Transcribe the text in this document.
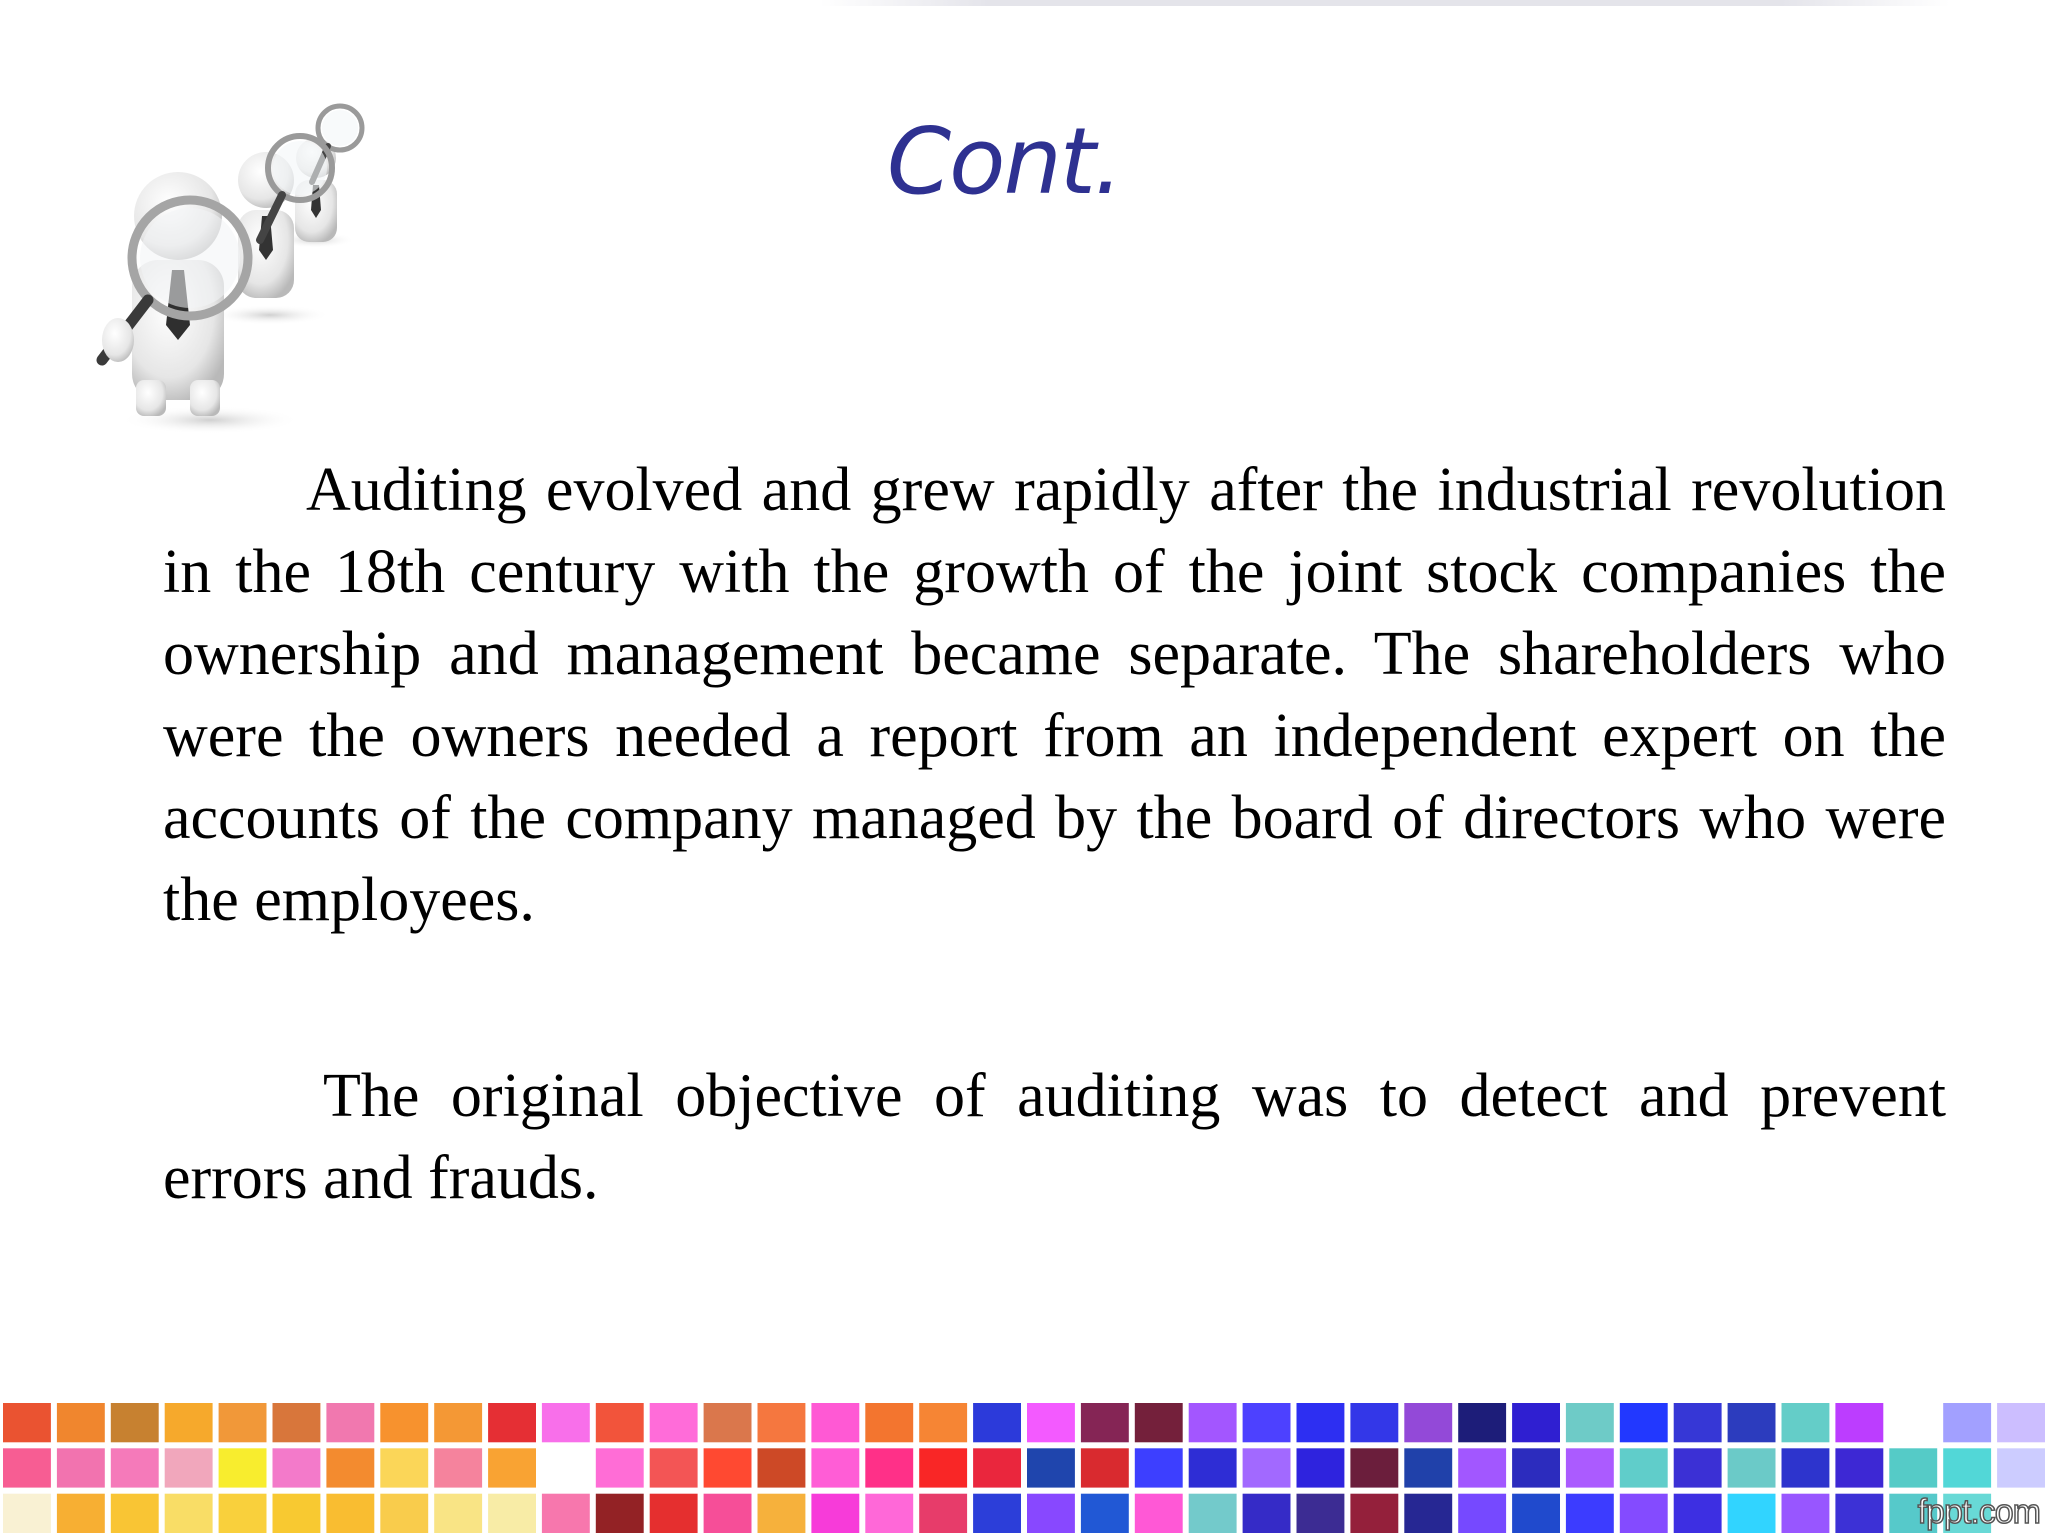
Cont.

Auditing evolved and grew rapidly after the industrial revolution in the 18th century with the growth of the joint stock companies the ownership and management became separate. The shareholders who were the owners needed a report from an independent expert on the accounts of the company managed by the board of directors who were the employees.

The original objective of auditing was to detect and prevent errors and frauds.

fppt.com
